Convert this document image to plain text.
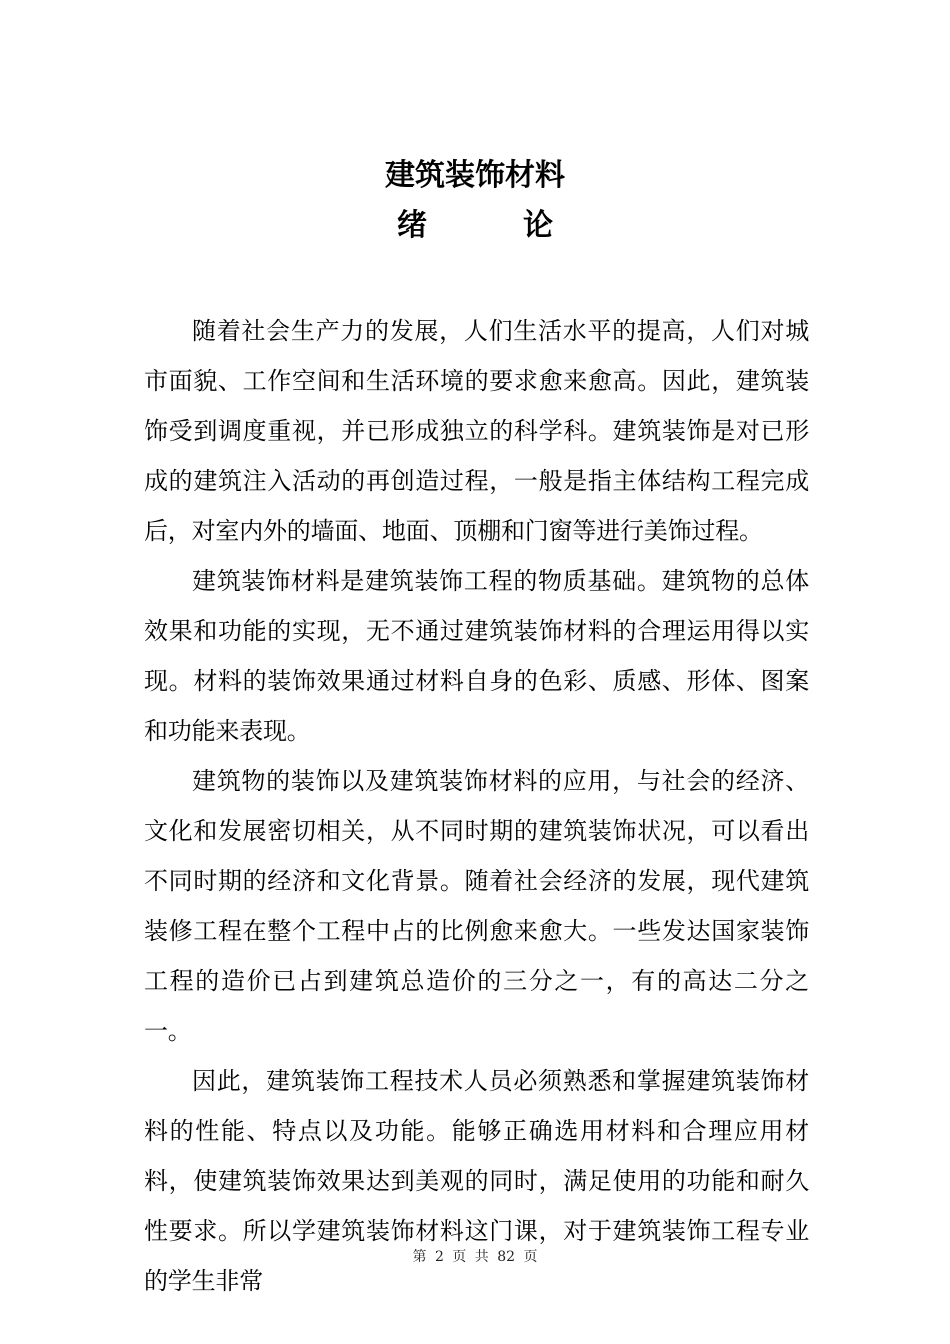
建筑装饰材料
绪	论

随着社会生产力的发展，人们生活水平的提高，人们对城市面貌、工作空间和生活环境的要求愈来愈高。因此，建筑装饰受到调度重视，并已形成独立的科学科。建筑装饰是对已形成的建筑注入活动的再创造过程，一般是指主体结构工程完成后，对室内外的墙面、地面、顶棚和门窗等进行美饰过程。

建筑装饰材料是建筑装饰工程的物质基础。建筑物的总体效果和功能的实现，无不通过建筑装饰材料的合理运用得以实现。材料的装饰效果通过材料自身的色彩、质感、形体、图案和功能来表现。

建筑物的装饰以及建筑装饰材料的应用，与社会的经济、文化和发展密切相关，从不同时期的建筑装饰状况，可以看出不同时期的经济和文化背景。随着社会经济的发展，现代建筑装修工程在整个工程中占的比例愈来愈大。一些发达国家装饰工程的造价已占到建筑总造价的三分之一，有的高达二分之一。

因此，建筑装饰工程技术人员必须熟悉和掌握建筑装饰材料的性能、特点以及功能。能够正确选用材料和合理应用材料，使建筑装饰效果达到美观的同时，满足使用的功能和耐久性要求。所以学建筑装饰材料这门课，对于建筑装饰工程专业的学生非常

第 2 页 共 82 页
